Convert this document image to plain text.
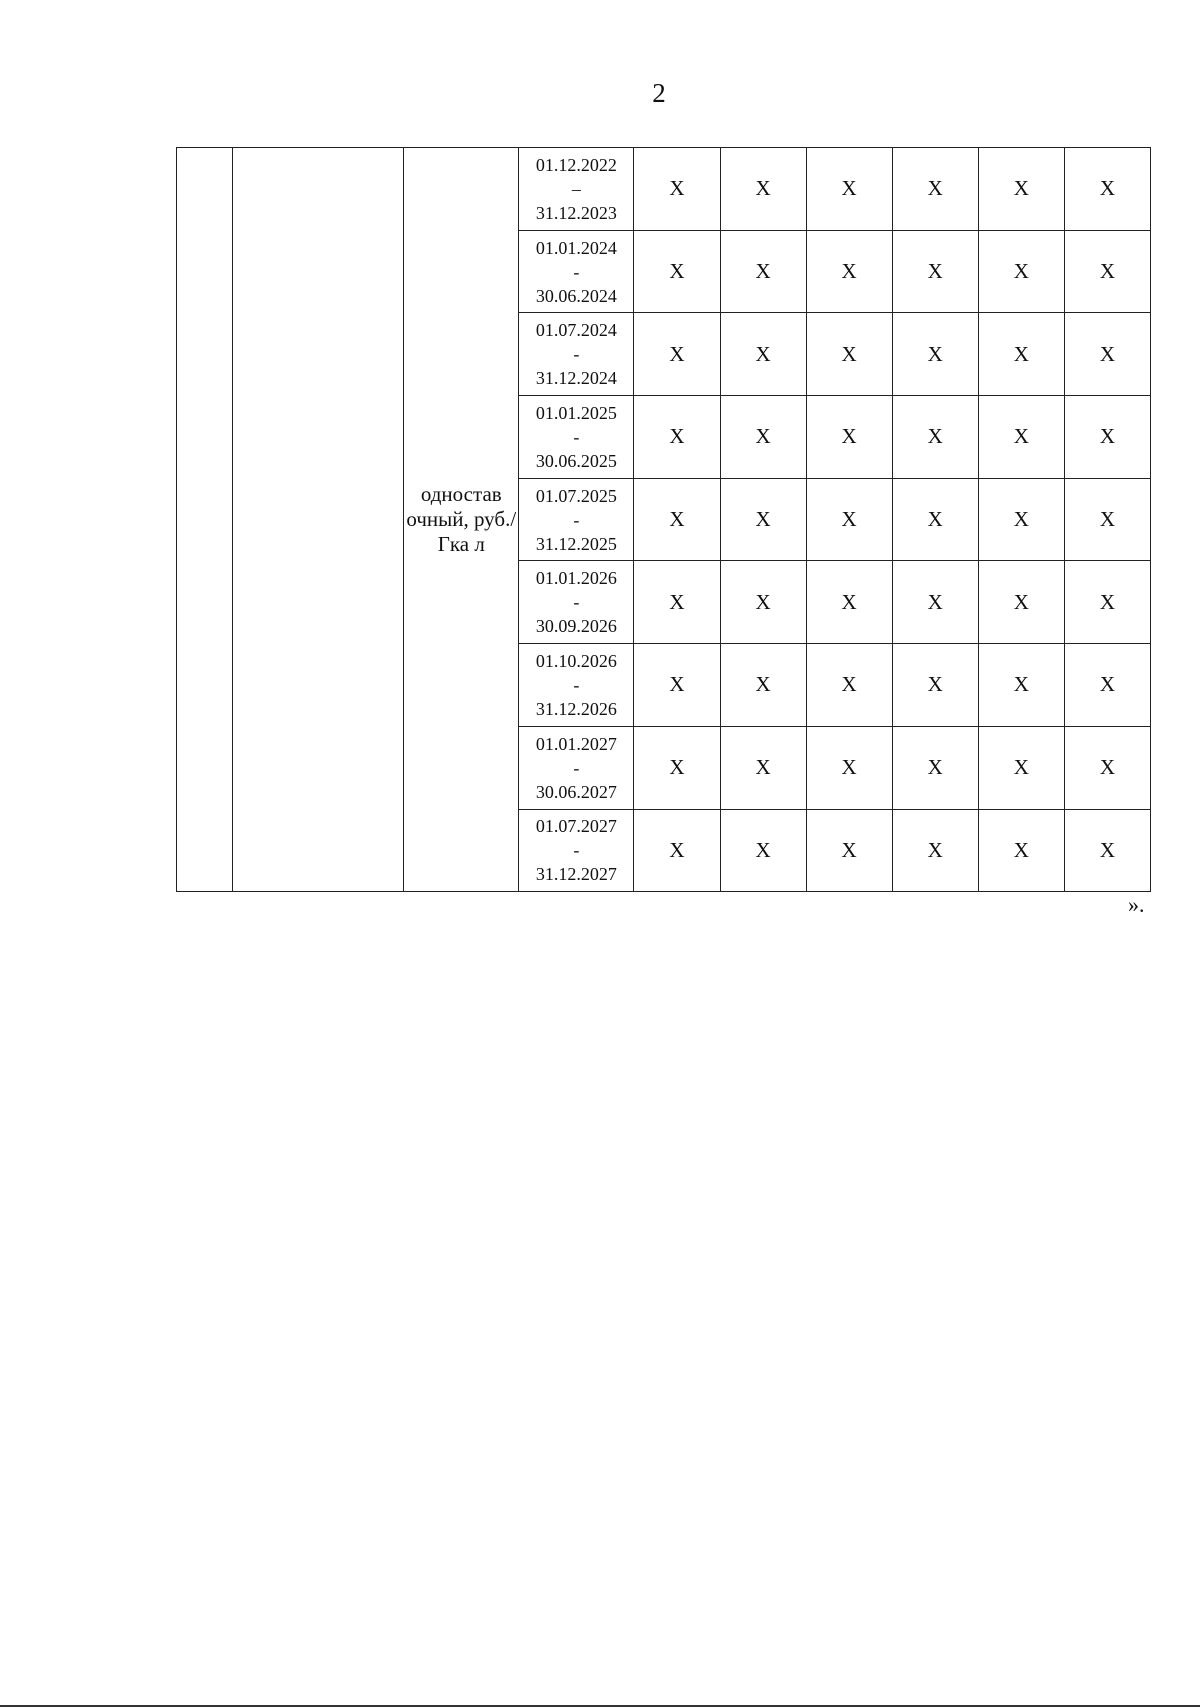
2
		одностав очный, руб./Гка л	01.12.2022
–
31.12.2023	Х	Х	Х	Х	Х	Х

			01.01.2024
-
30.06.2024	Х	Х	Х	Х	Х	Х

			01.07.2024
-
31.12.2024	Х	Х	Х	Х	Х	Х

			01.01.2025
-
30.06.2025	Х	Х	Х	Х	Х	Х

			01.07.2025
-
31.12.2025	Х	Х	Х	Х	Х	Х

			01.01.2026
-
30.09.2026	Х	Х	Х	Х	Х	Х

			01.10.2026
-
31.12.2026	Х	Х	Х	Х	Х	Х

			01.01.2027
-
30.06.2027	Х	Х	Х	Х	Х	Х

			01.07.2027
-
31.12.2027	Х	Х	Х	Х	Х	Х
».
